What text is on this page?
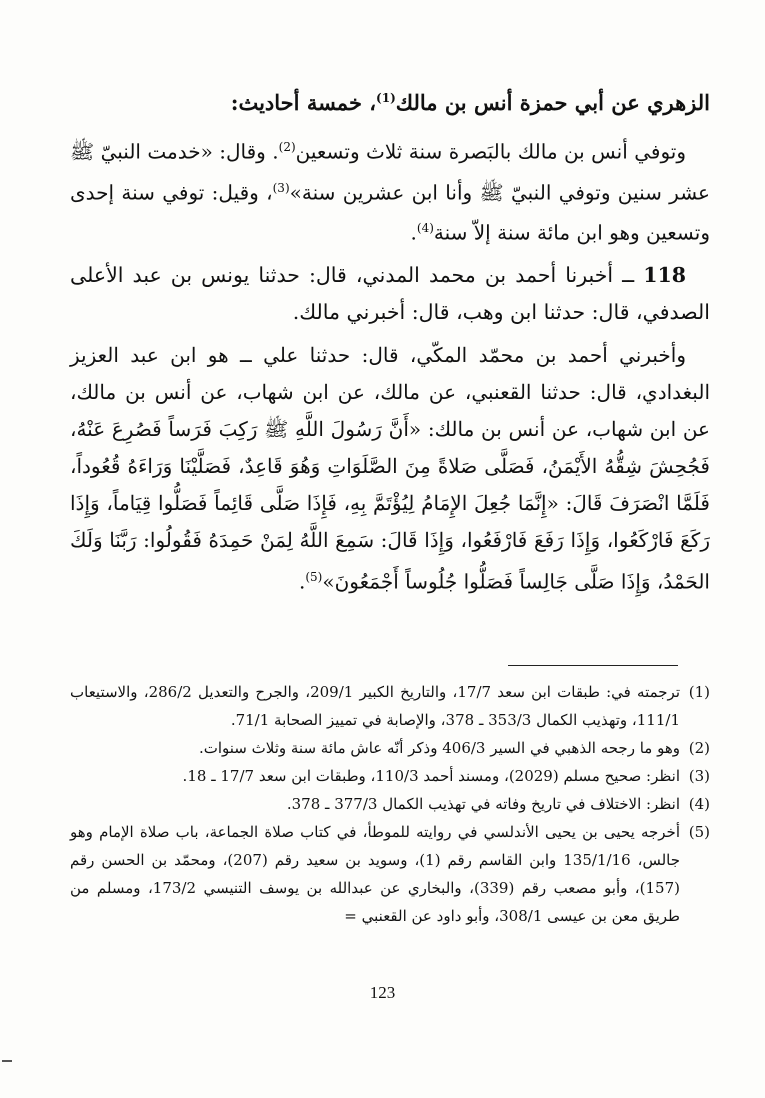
الزهري عن أبي حمزة أنس بن مالك$^{(1)}$، خمسة أحاديث:

وتوفي أنس بن مالك بالبَصرة سنة ثلاث وتسعين$^{(2)}$. وقال: «خدمت النبيّ ﷺ عشر سنين وتوفي النبيّ ﷺ وأنا ابن عشرين سنة»$^{(3)}$، وقيل: توفي سنة إحدى وتسعين وهو ابن مائة سنة إلاّ سنة$^{(4)}$.

118 ــ أخبرنا أحمد بن محمد المدني، قال: حدثنا يونس بن عبد الأعلى الصدفي، قال: حدثنا ابن وهب، قال: أخبرني مالك.

وأخبرني أحمد بن محمّد المكّي، قال: حدثنا علي ــ هو ابن عبد العزيز البغدادي، قال: حدثنا القعنبي، عن مالك، عن ابن شهاب، عن أنس بن مالك، عن ابن شهاب، عن أنس بن مالك: «أَنَّ رَسُولَ اللَّهِ ﷺ رَكِبَ فَرَساً فَصُرِعَ عَنْهُ، فَجُحِشَ شِقُّهُ الأَيْمَنُ، فَصَلَّى صَلاةً مِنَ الصَّلَوَاتِ وَهُوَ قَاعِدٌ، فَصَلَّيْنَا وَرَاءَهُ قُعُوداً، فَلَمَّا انْصَرَفَ قَالَ: «إِنَّمَا جُعِلَ الإِمَامُ لِيُؤْتَمَّ بِهِ، فَإِذَا صَلَّى قَائِماً فَصَلُّوا قِيَاماً، وَإِذَا رَكَعَ فَارْكَعُوا، وَإِذَا رَفَعَ فَارْفَعُوا، وَإِذَا قَالَ: سَمِعَ اللَّهُ لِمَنْ حَمِدَهُ فَقُولُوا: رَبَّنَا وَلَكَ الحَمْدُ، وَإِذَا صَلَّى جَالِساً فَصَلُّوا جُلُوساً أَجْمَعُونَ»$^{(5)}$.

(1)
ترجمته في: طبقات ابن سعد 17/7، والتاريخ الكبير 209/1، والجرح والتعديل 286/2، والاستيعاب 111/1، وتهذيب الكمال 353/3 ـ 378، والإصابة في تمييز الصحابة 71/1.

(2)
وهو ما رجحه الذهبي في السير 406/3 وذكر أنّه عاش مائة سنة وثلاث سنوات.

(3)
انظر: صحيح مسلم (2029)، ومسند أحمد 110/3، وطبقات ابن سعد 17/7 ـ 18.

(4)
انظر: الاختلاف في تاريخ وفاته في تهذيب الكمال 377/3 ـ 378.

(5)
أخرجه يحيى بن يحيى الأندلسي في روايته للموطأ، في كتاب صلاة الجماعة، باب صلاة الإمام وهو جالس، 135/1/16 وابن القاسم رقم (1)، وسويد بن سعيد رقم (207)، ومحمّد بن الحسن رقم (157)، وأبو مصعب رقم (339)، والبخاري عن عبدالله بن يوسف التنيسي 173/2، ومسلم من طريق معن بن عيسى 308/1، وأبو داود عن القعنبي =

123
